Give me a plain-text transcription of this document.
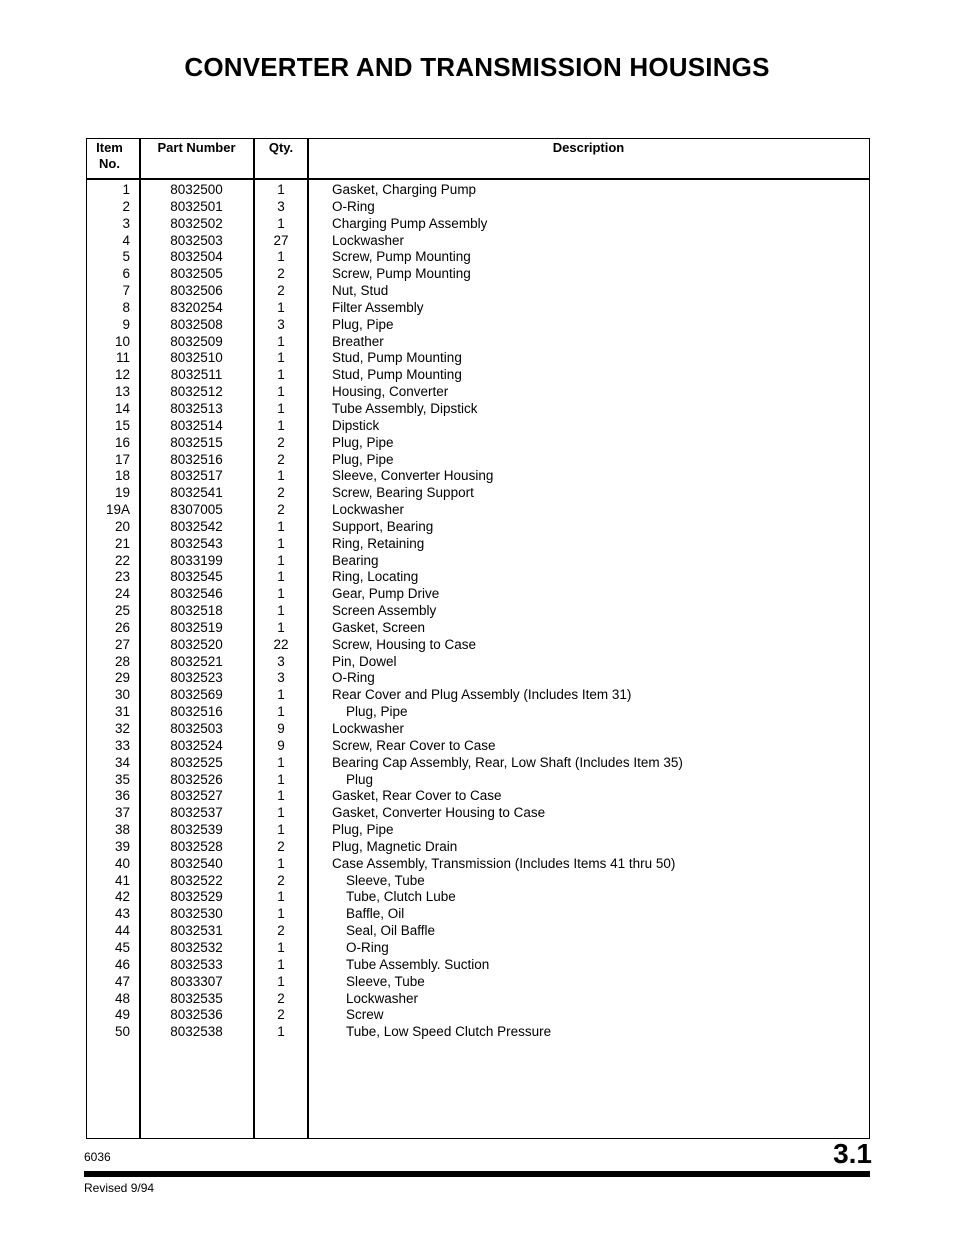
CONVERTER AND TRANSMISSION HOUSINGS
Item
No.
Part Number	Qty.	Description
1	8032500	1	Gasket, Charging Pump
2	8032501	3	O-Ring
3	8032502	1	Charging Pump Assembly
4	8032503	27	Lockwasher
5	8032504	1	Screw, Pump Mounting
6	8032505	2	Screw, Pump Mounting
7	8032506	2	Nut, Stud
8	8320254	1	Filter Assembly
9	8032508	3	Plug, Pipe
10	8032509	1	Breather
11	8032510	1	Stud, Pump Mounting
12	8032511	1	Stud, Pump Mounting
13	8032512	1	Housing, Converter
14	8032513	1	Tube Assembly, Dipstick
15	8032514	1	Dipstick
16	8032515	2	Plug, Pipe
17	8032516	2	Plug, Pipe
18	8032517	1	Sleeve, Converter Housing
19	8032541	2	Screw, Bearing Support
19A	8307005	2	Lockwasher
20	8032542	1	Support, Bearing
21	8032543	1	Ring, Retaining
22	8033199	1	Bearing
23	8032545	1	Ring, Locating
24	8032546	1	Gear, Pump Drive
25	8032518	1	Screen Assembly
26	8032519	1	Gasket, Screen
27	8032520	22	Screw, Housing to Case
28	8032521	3	Pin, Dowel
29	8032523	3	O-Ring
30	8032569	1	Rear Cover and Plug Assembly (Includes Item 31)
31	8032516	1	Plug, Pipe
32	8032503	9	Lockwasher
33	8032524	9	Screw, Rear Cover to Case
34	8032525	1	Bearing Cap Assembly, Rear, Low Shaft (Includes Item 35)
35	8032526	1	Plug
36	8032527	1	Gasket, Rear Cover to Case
37	8032537	1	Gasket, Converter Housing to Case
38	8032539	1	Plug, Pipe
39	8032528	2	Plug, Magnetic Drain
40	8032540	1	Case Assembly, Transmission (Includes Items 41 thru 50)
41	8032522	2	Sleeve, Tube
42	8032529	1	Tube, Clutch Lube
43	8032530	1	Baffle, Oil
44	8032531	2	Seal, Oil Baffle
45	8032532	1	O-Ring
46	8032533	1	Tube Assembly. Suction
47	8033307	1	Sleeve, Tube
48	8032535	2	Lockwasher
49	8032536	2	Screw
50	8032538	1	Tube, Low Speed Clutch Pressure
6036	3.1
Revised 9/94
